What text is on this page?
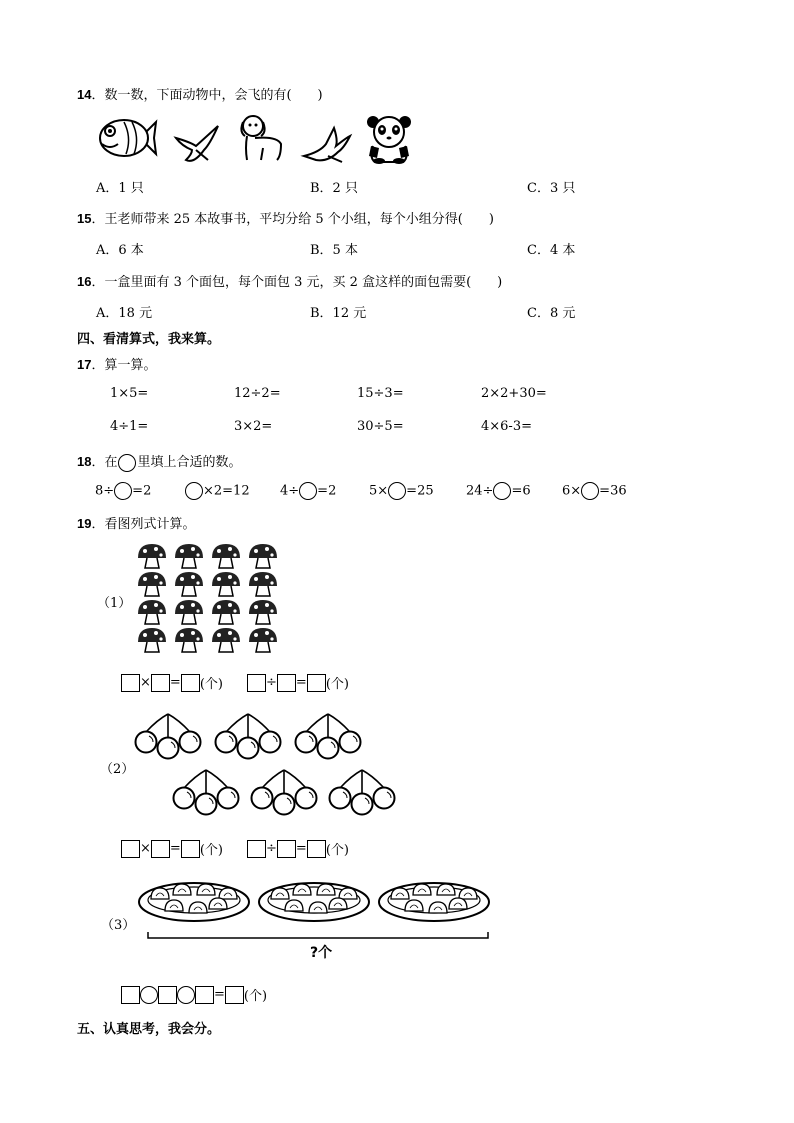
14．数一数，下面动物中，会飞的有(　　)
A．1 只	B．2 只	C．3 只
15．王老师带来 25 本故事书，平均分给 5 个小组，每个小组分得(　　)
A．6 本	B．5 本	C．4 本
16．一盒里面有 3 个面包，每个面包 3 元，买 2 盒这样的面包需要(　　)
A．18 元	B．12 元	C．8 元
四、看清算式，我来算。
17．算一算。
1×5=	12÷2=	15÷3=	2×2+30=
4÷1=	3×2=	30÷5=	4×6-3=
18．在 里填上合适的数。
8÷ =2	×2=12 4÷ =2	5× =25 24÷ =6 6× =36
19．看图列式计算。
（1）
× = (个)	÷ = (个)
（2）
× = (个)	÷ = (个)
（3）
?个
= (个)
五、认真思考，我会分。
